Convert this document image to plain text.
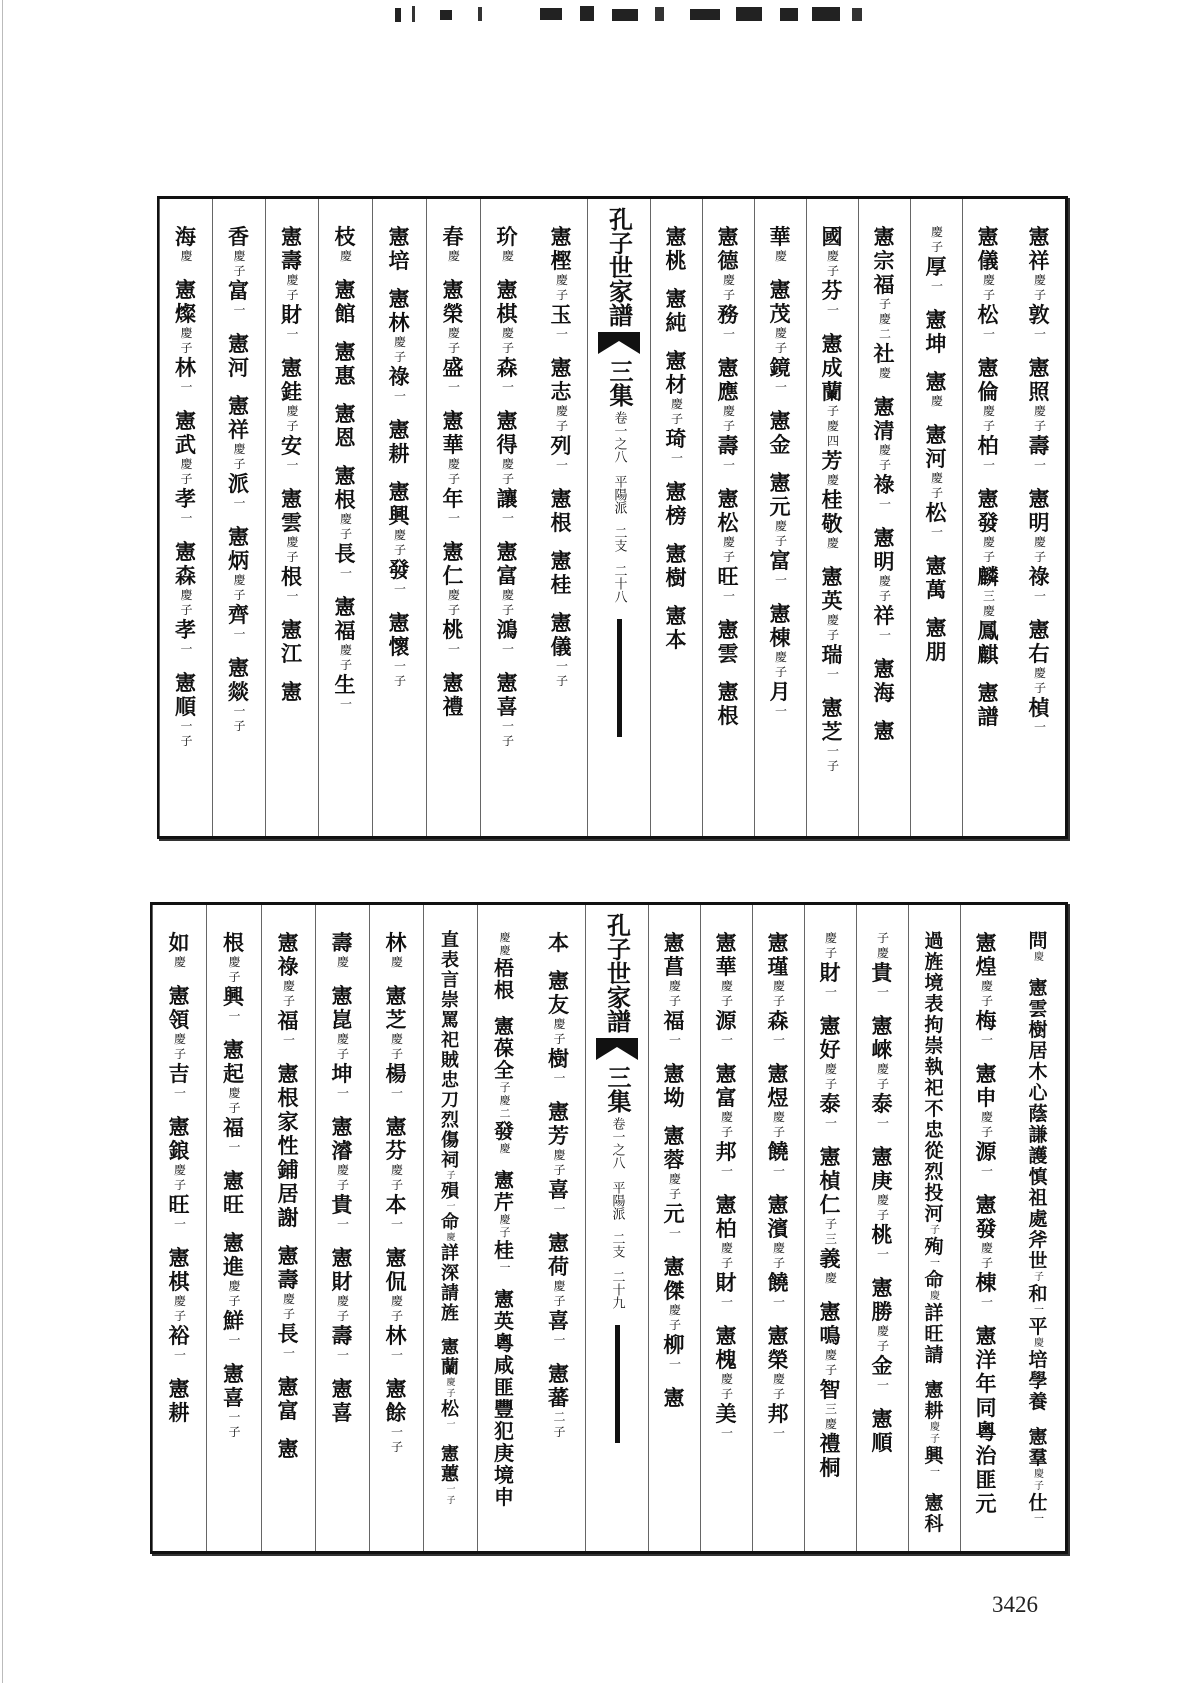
憲
祥
慶
子
敦
一
憲
照
慶
子
壽
一
憲
明
慶
子
祿
一
憲
右
慶
子
楨
一
憲
儀
慶
子
松
一
憲
倫
慶
子
柏
一
憲
發
慶
子
麟
三
慶
鳳
麒
憲
譜
慶
子
厚
一
憲
坤
憲
慶
憲
河
慶
子
松
一
憲
萬
憲
朋
憲
宗
福
子
慶
二
社
慶
憲
清
慶
子
祿
一
憲
明
慶
子
祥
一
憲
海
憲
國
慶
子
芬
一
憲
成
蘭
子
慶
四
芳
慶
桂
敬
慶
憲
英
慶
子
瑞
一
憲
芝
一
子
華
慶
憲
茂
慶
子
鏡
一
憲
金
憲
元
慶
子
富
一
憲
棟
慶
子
月
一
憲
德
慶
子
務
一
憲
應
慶
子
壽
一
憲
松
慶
子
旺
一
憲
雲
憲
根
憲
桃
憲
純
憲
材
慶
子
琦
一
憲
榜
憲
樹
憲
本
孔子世家譜
三集
卷一之八
平陽派
二支
二十八
憲
樫
慶
子
玉
一
憲
志
慶
子
列
一
憲
根
憲
桂
憲
儀
一
子
玠
慶
憲
棋
慶
子
森
一
憲
得
慶
子
讓
一
憲
富
慶
子
鴻
一
憲
喜
一
子
春
慶
憲
榮
慶
子
盛
一
憲
華
慶
子
年
一
憲
仁
慶
子
桃
一
憲
禮
憲
培
憲
林
慶
子
祿
一
憲
耕
憲
興
慶
子
發
一
憲
懷
一
子
枝
慶
憲
館
憲
惠
憲
恩
憲
根
慶
子
長
一
憲
福
慶
子
生
一
憲
壽
慶
子
財
一
憲
銈
慶
子
安
一
憲
雲
慶
子
根
一
憲
江
憲
香
慶
子
富
一
憲
河
憲
祥
慶
子
派
一
憲
炳
慶
子
齊
一
憲
燚
一
子
海
慶
憲
燦
慶
子
林
一
憲
武
慶
子
孝
一
憲
森
慶
子
孝
一
憲
順
一
子
問
慶
憲
雲
樹
居
木
心
蔭
謙
護
慎
祖
處
斧
世
子
和
一
平
慶
培
學
養
憲
羣
慶
子
仕
一
憲
煌
慶
子
梅
一
憲
申
慶
子
源
一
憲
發
慶
子
棟
一
憲
洋
年
同
粵
治
匪
元
過
旌
境
表
拘
崇
執
祀
不
忠
從
烈
投
河
子
殉
一
命
慶
詳
旺
請
憲
耕
慶
子
興
一
憲
科
子
慶
貴
一
憲
崍
慶
子
泰
一
憲
庚
慶
子
桃
一
憲
勝
慶
子
金
一
憲
順
慶
子
財
一
憲
好
慶
子
泰
一
憲
楨
仁
子
三
義
慶
憲
鳴
慶
子
智
三
慶
禮
桐
憲
瑾
慶
子
森
一
憲
煜
慶
子
饒
一
憲
濱
慶
子
饒
一
憲
榮
慶
子
邦
一
憲
華
慶
子
源
一
憲
富
慶
子
邦
一
憲
柏
慶
子
財
一
憲
槐
慶
子
美
一
憲
菖
慶
子
福
一
憲
坳
憲
蓉
慶
子
元
一
憲
傑
慶
子
柳
一
憲
孔子世家譜
三集
卷一之八
平陽派
二支
二十九
本
憲
友
慶
子
樹
一
憲
芳
慶
子
喜
一
憲
荷
慶
子
喜
一
憲
蕃
二
子
慶
慶
梧
根
憲
葆
全
子
慶
二
發
慶
憲
芹
慶
子
桂
一
憲
英
粵
咸
匪
豐
犯
庚
境
申
直
表
言
崇
罵
祀
賊
忠
刀
烈
傷
祠
子
殞
一
命
慶
詳
深
請
旌
憲
蘭
慶
子
松
一
憲
蕙
一
子
林
慶
憲
芝
慶
子
楊
一
憲
芬
慶
子
本
一
憲
侃
慶
子
林
一
憲
餘
一
子
壽
慶
憲
崑
慶
子
坤
一
憲
濬
慶
子
貴
一
憲
財
慶
子
壽
一
憲
喜
憲
祿
慶
子
福
一
憲
根
家
性
鋪
居
謝
憲
壽
慶
子
長
一
憲
富
憲
根
慶
子
興
一
憲
起
慶
子
福
一
憲
旺
憲
進
慶
子
鮮
一
憲
喜
一
子
如
慶
憲
領
慶
子
吉
一
憲
鋃
慶
子
旺
一
憲
棋
慶
子
裕
一
憲
耕
3426
